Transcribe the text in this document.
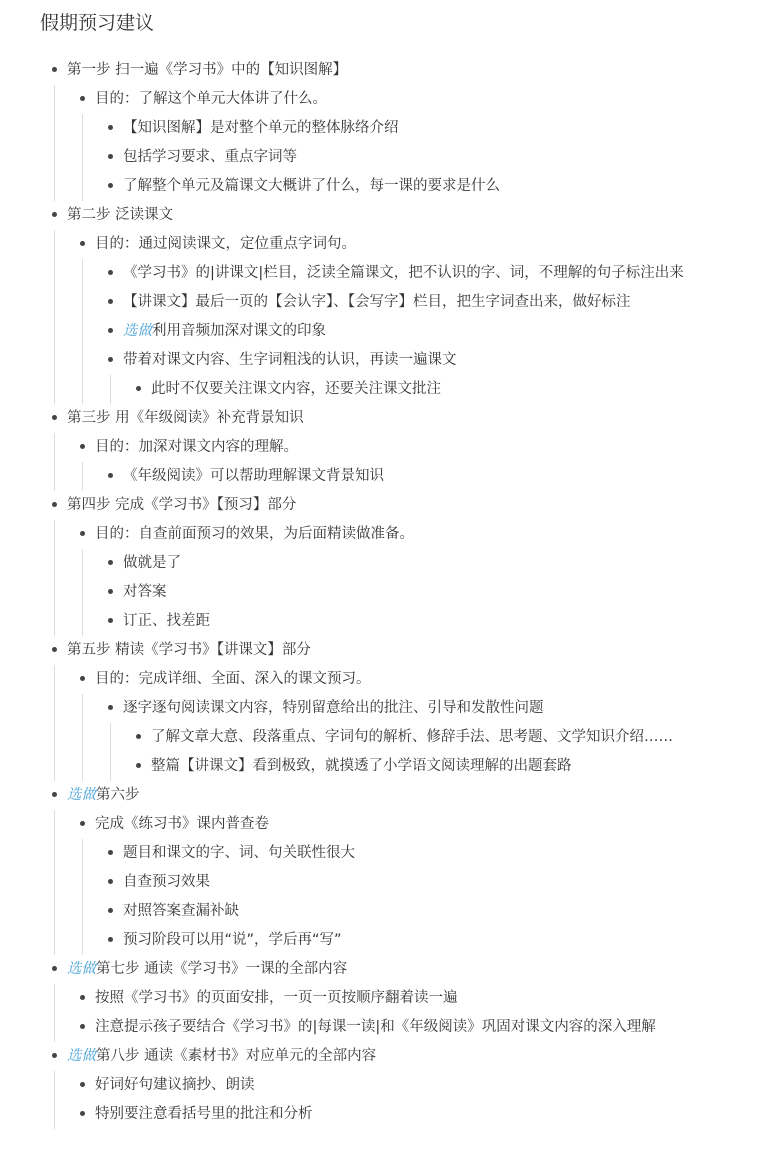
假期预习建议
第一步 扫一遍《学习书》中的【知识图解】
目的：了解这个单元大体讲了什么。
【知识图解】是对整个单元的整体脉络介绍
包括学习要求、重点字词等
了解整个单元及篇课文大概讲了什么，每一课的要求是什么
第二步 泛读课文
目的：通过阅读课文，定位重点字词句。
《学习书》的|讲课文|栏目，泛读全篇课文，把不认识的字、词，不理解的句子标注出来
【讲课文】最后一页的【会认字】、【会写字】栏目，把生字词查出来，做好标注
选做利用音频加深对课文的印象
带着对课文内容、生字词粗浅的认识，再读一遍课文
此时不仅要关注课文内容，还要关注课文批注
第三步 用《年级阅读》补充背景知识
目的：加深对课文内容的理解。
《年级阅读》可以帮助理解课文背景知识
第四步 完成《学习书》【预习】部分
目的：自查前面预习的效果，为后面精读做准备。
做就是了
对答案
订正、找差距
第五步 精读《学习书》【讲课文】部分
目的：完成详细、全面、深入的课文预习。
逐字逐句阅读课文内容，特别留意给出的批注、引导和发散性问题
了解文章大意、段落重点、字词句的解析、修辞手法、思考题、文学知识介绍……
整篇【讲课文】看到极致，就摸透了小学语文阅读理解的出题套路
选做第六步
完成《练习书》课内普查卷
题目和课文的字、词、句关联性很大
自查预习效果
对照答案查漏补缺
预习阶段可以用“说”，学后再“写”
选做第七步 通读《学习书》一课的全部内容
按照《学习书》的页面安排，一页一页按顺序翻着读一遍
注意提示孩子要结合《学习书》的|每课一读|和《年级阅读》巩固对课文内容的深入理解
选做第八步 通读《素材书》对应单元的全部内容
好词好句建议摘抄、朗读
特别要注意看括号里的批注和分析
